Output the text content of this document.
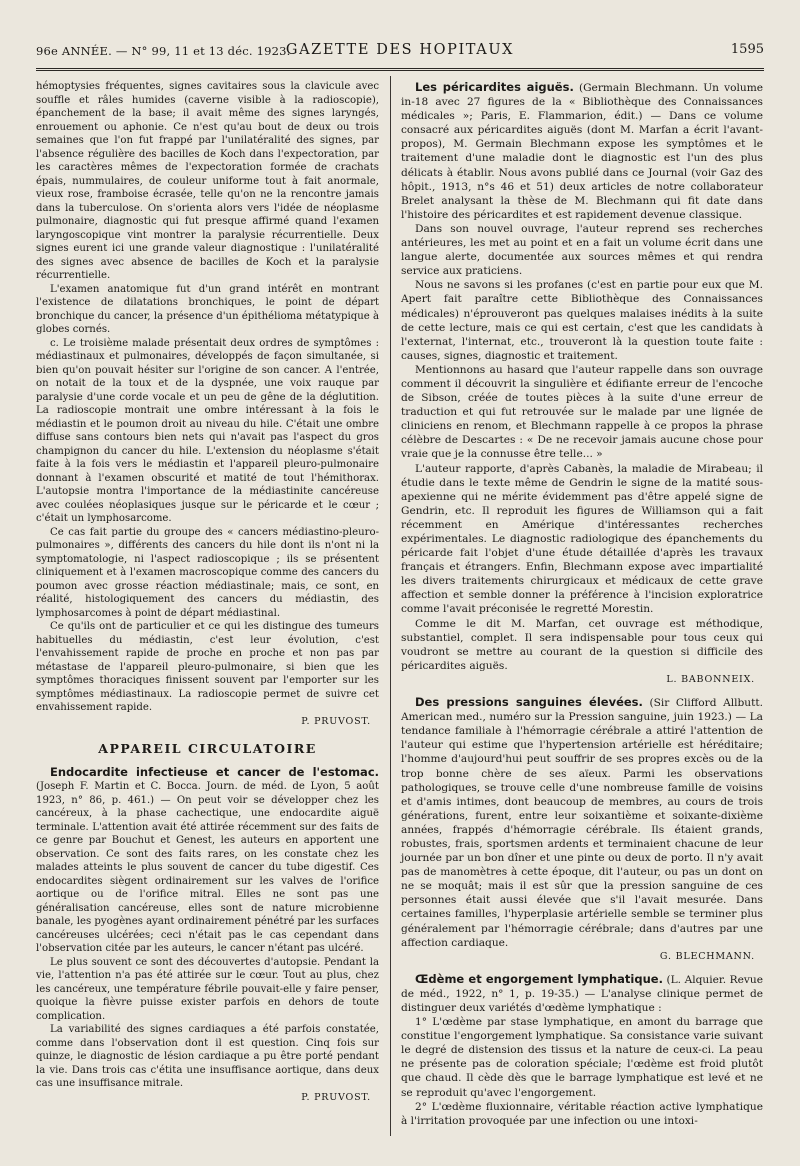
96e ANNÉE. — N° 99, 11 et 13 déc. 1923.
GAZETTE DES HOPITAUX	1595

hémoptysies fréquentes, signes cavitaires sous la clavicule avec souffle et râles humides (caverne visible à la radioscopie), épanchement de la base; il avait même des signes laryngés, enrouement ou aphonie. Ce n'est qu'au bout de deux ou trois semaines que l'on fut frappé par l'unilatéralité des signes, par l'absence régulière des bacilles de Koch dans l'expectoration, par les caractères mêmes de l'expectoration formée de crachats épais, nummulaires, de couleur uniforme tout à fait anormale, vieux rose, framboise écrasée, telle qu'on ne la rencontre jamais dans la tuberculose. On s'orienta alors vers l'idée de néoplasme pulmonaire, diagnostic qui fut presque affirmé quand l'examen laryngoscopique vint montrer la paralysie récurrentielle. Deux signes eurent ici une grande valeur diagnostique : l'unilatéralité des signes avec absence de bacilles de Koch et la paralysie récurrentielle.

L'examen anatomique fut d'un grand intérêt en montrant l'existence de dilatations bronchiques, le point de départ bronchique du cancer, la présence d'un épithélioma métatypique à globes cornés.

c. Le troisième malade présentait deux ordres de symptômes : médiastinaux et pulmonaires, développés de façon simultanée, si bien qu'on pouvait hésiter sur l'origine de son cancer. A l'entrée, on notait de la toux et de la dyspnée, une voix rauque par paralysie d'une corde vocale et un peu de gêne de la déglutition. La radioscopie montrait une ombre intéressant à la fois le médiastin et le poumon droit au niveau du hile. C'était une ombre diffuse sans contours bien nets qui n'avait pas l'aspect du gros champignon du cancer du hile. L'extension du néoplasme s'était faite à la fois vers le médiastin et l'appareil pleuro-pulmonaire donnant à l'examen obscurité et matité de tout l'hémithorax. L'autopsie montra l'importance de la médiastinite cancéreuse avec coulées néoplasiques jusque sur le péricarde et le cœur ; c'était un lymphosarcome.

Ce cas fait partie du groupe des « cancers médiastino-pleuro-pulmonaires », différents des cancers du hile dont ils n'ont ni la symptomatologie, ni l'aspect radioscopique ; ils se présentent cliniquement et à l'examen macroscopique comme des cancers du poumon avec grosse réaction médiastinale; mais, ce sont, en réalité, histologiquement des cancers du médiastin, des lymphosarcomes à point de départ médiastinal.

Ce qu'ils ont de particulier et ce qui les distingue des tumeurs habituelles du médiastin, c'est leur évolution, c'est l'envahissement rapide de proche en proche et non pas par métastase de l'appareil pleuro-pulmonaire, si bien que les symptômes thoraciques finissent souvent par l'emporter sur les symptômes médiastinaux. La radioscopie permet de suivre cet envahissement rapide.

P. PRUVOST.
APPAREIL CIRCULATOIRE

Endocardite infectieuse et cancer de l'estomac. (Joseph F. Martin et C. Bocca. Journ. de méd. de Lyon, 5 août 1923, n° 86, p. 461.) — On peut voir se développer chez les cancéreux, à la phase cachectique, une endocardite aiguë terminale. L'attention avait été attirée récemment sur des faits de ce genre par Bouchut et Genest, les auteurs en apportent une observation. Ce sont des faits rares, on les constate chez les malades atteints le plus souvent de cancer du tube digestif. Ces endocardites siègent ordinairement sur les valves de l'orifice aortique ou de l'orifice mitral. Elles ne sont pas une généralisation cancéreuse, elles sont de nature microbienne banale, les pyogènes ayant ordinairement pénétré par les surfaces cancéreuses ulcérées; ceci n'était pas le cas cependant dans l'observation citée par les auteurs, le cancer n'étant pas ulcéré.

Le plus souvent ce sont des découvertes d'autopsie. Pendant la vie, l'attention n'a pas été attirée sur le cœur. Tout au plus, chez les cancéreux, une température fébrile pouvait-elle y faire penser, quoique la fièvre puisse exister parfois en dehors de toute complication.

La variabilité des signes cardiaques a été parfois constatée, comme dans l'observation dont il est question. Cinq fois sur quinze, le diagnostic de lésion cardiaque a pu être porté pendant la vie. Dans trois cas c'étita une insuffisance aortique, dans deux cas une insuffisance mitrale.

P. PRUVOST.

Les péricardites aiguës. (Germain Blechmann. Un volume in-18 avec 27 figures de la « Bibliothèque des Connaissances médicales »; Paris, E. Flammarion, édit.) — Dans ce volume consacré aux péricardites aiguës (dont M. Marfan a écrit l'avant-propos), M. Germain Blechmann expose les symptômes et le traitement d'une maladie dont le diagnostic est l'un des plus délicats à établir. Nous avons publié dans ce Journal (voir Gaz des hôpit., 1913, n°s 46 et 51) deux articles de notre collaborateur Brelet analysant la thèse de M. Blechmann qui fit date dans l'histoire des péricardites et est rapidement devenue classique.

Dans son nouvel ouvrage, l'auteur reprend ses recherches antérieures, les met au point et en a fait un volume écrit dans une langue alerte, documentée aux sources mêmes et qui rendra service aux praticiens.

Nous ne savons si les profanes (c'est en partie pour eux que M. Apert fait paraître cette Bibliothèque des Connaissances médicales) n'éprouveront pas quelques malaises inédits à la suite de cette lecture, mais ce qui est certain, c'est que les candidats à l'externat, l'internat, etc., trouveront là la question toute faite : causes, signes, diagnostic et traitement.

Mentionnons au hasard que l'auteur rappelle dans son ouvrage comment il découvrit la singulière et édifiante erreur de l'encoche de Sibson, créée de toutes pièces à la suite d'une erreur de traduction et qui fut retrouvée sur le malade par une lignée de cliniciens en renom, et Blechmann rappelle à ce propos la phrase célèbre de Descartes : « De ne recevoir jamais aucune chose pour vraie que je la connusse être telle... »

L'auteur rapporte, d'après Cabanès, la maladie de Mirabeau; il étudie dans le texte même de Gendrin le signe de la matité sous-apexienne qui ne mérite évidemment pas d'être appelé signe de Gendrin, etc. Il reproduit les figures de Williamson qui a fait récemment en Amérique d'intéressantes recherches expérimentales. Le diagnostic radiologique des épanchements du péricarde fait l'objet d'une étude détaillée d'après les travaux français et étrangers. Enfin, Blechmann expose avec impartialité les divers traitements chirurgicaux et médicaux de cette grave affection et semble donner la préférence à l'incision exploratrice comme l'avait préconisée le regretté Morestin.

Comme le dit M. Marfan, cet ouvrage est méthodique, substantiel, complet. Il sera indispensable pour tous ceux qui voudront se mettre au courant de la question si difficile des péricardites aiguës.

L. BABONNEIX.

Des pressions sanguines élevées. (Sir Clifford Allbutt. American med., numéro sur la Pression sanguine, juin 1923.) — La tendance familiale à l'hémorragie cérébrale a attiré l'attention de l'auteur qui estime que l'hypertension artérielle est héréditaire; l'homme d'aujourd'hui peut souffrir de ses propres excès ou de la trop bonne chère de ses aïeux. Parmi les observations pathologiques, se trouve celle d'une nombreuse famille de voisins et d'amis intimes, dont beaucoup de membres, au cours de trois générations, furent, entre leur soixantième et soixante-dixième années, frappés d'hémorragie cérébrale. Ils étaient grands, robustes, frais, sportsmen ardents et terminaient chacune de leur journée par un bon dîner et une pinte ou deux de porto. Il n'y avait pas de manomètres à cette époque, dit l'auteur, ou pas un dont on ne se moquât; mais il est sûr que la pression sanguine de ces personnes était aussi élevée que s'il l'avait mesurée. Dans certaines familles, l'hyperplasie artérielle semble se terminer plus généralement par l'hémorragie cérébrale; dans d'autres par une affection cardiaque.

G. BLECHMANN.

Œdème et engorgement lymphatique. (L. Alquier. Revue de méd., 1922, n° 1, p. 19-35.) — L'analyse clinique permet de distinguer deux variétés d'œdème lymphatique :

1° L'œdème par stase lymphatique, en amont du barrage que constitue l'engorgement lymphatique. Sa consistance varie suivant le degré de distension des tissus et la nature de ceux-ci. La peau ne présente pas de coloration spéciale; l'œdème est froid plutôt que chaud. Il cède dès que le barrage lymphatique est levé et ne se reproduit qu'avec l'engorgement.

2° L'œdème fluxionnaire, véritable réaction active lymphatique à l'irritation provoquée par une infection ou une intoxi-
